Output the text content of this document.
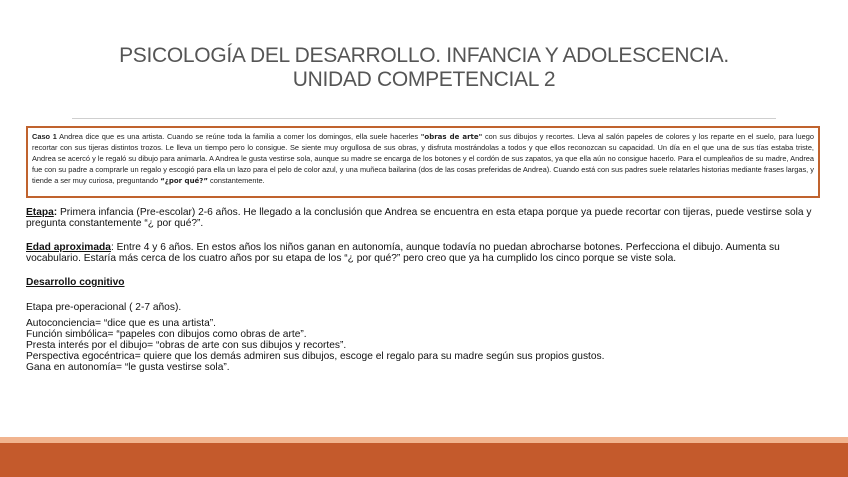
PSICOLOGÍA DEL DESARROLLO. INFANCIA Y ADOLESCENCIA.
UNIDAD COMPETENCIAL 2
Caso 1 Andrea dice que es una artista. Cuando se reúne toda la familia a comer los domingos, ella suele hacerles "obras de arte" con sus dibujos y recortes. Lleva al salón papeles de colores y los reparte en el suelo, para luego recortar con sus tijeras distintos trozos. Le lleva un tiempo pero lo consigue. Se siente muy orgullosa de sus obras, y disfruta mostrándolas a todos y que ellos reconozcan su capacidad. Un día en el que una de sus tías estaba triste, Andrea se acercó y le regaló su dibujo para animarla. A Andrea le gusta vestirse sola, aunque su madre se encarga de los botones y el cordón de sus zapatos, ya que ella aún no consigue hacerlo. Para el cumpleaños de su madre, Andrea fue con su padre a comprarle un regalo y escogió para ella un lazo para el pelo de color azul, y una muñeca bailarina (dos de las cosas preferidas de Andrea). Cuando está con sus padres suele relatarles historias mediante frases largas, y tiende a ser muy curiosa, preguntando “¿por qué?” constantemente.
Etapa: Primera infancia (Pre-escolar) 2-6 años. He llegado a la conclusión que Andrea se encuentra en esta etapa porque ya puede recortar con tijeras, puede vestirse sola y pregunta constantemente “¿ por qué?”.
Edad aproximada: Entre 4 y 6 años. En estos años los niños ganan en autonomía, aunque todavía no puedan abrocharse botones. Perfecciona el dibujo. Aumenta su vocabulario. Estaría más cerca de los cuatro años por su etapa de los “¿ por qué?” pero creo que ya ha cumplido los cinco porque se viste sola.
Desarrollo cognitivo
Etapa pre-operacional ( 2-7 años).
Autoconciencia= “dice que es una artista”.
Función simbólica= “papeles con dibujos como obras de arte”.
Presta interés por el dibujo= “obras de arte con sus dibujos y recortes”.
Perspectiva egocéntrica= quiere que los demás admiren sus dibujos, escoge el regalo para su madre según sus propios gustos.
Gana en autonomía= “le gusta vestirse sola”.
